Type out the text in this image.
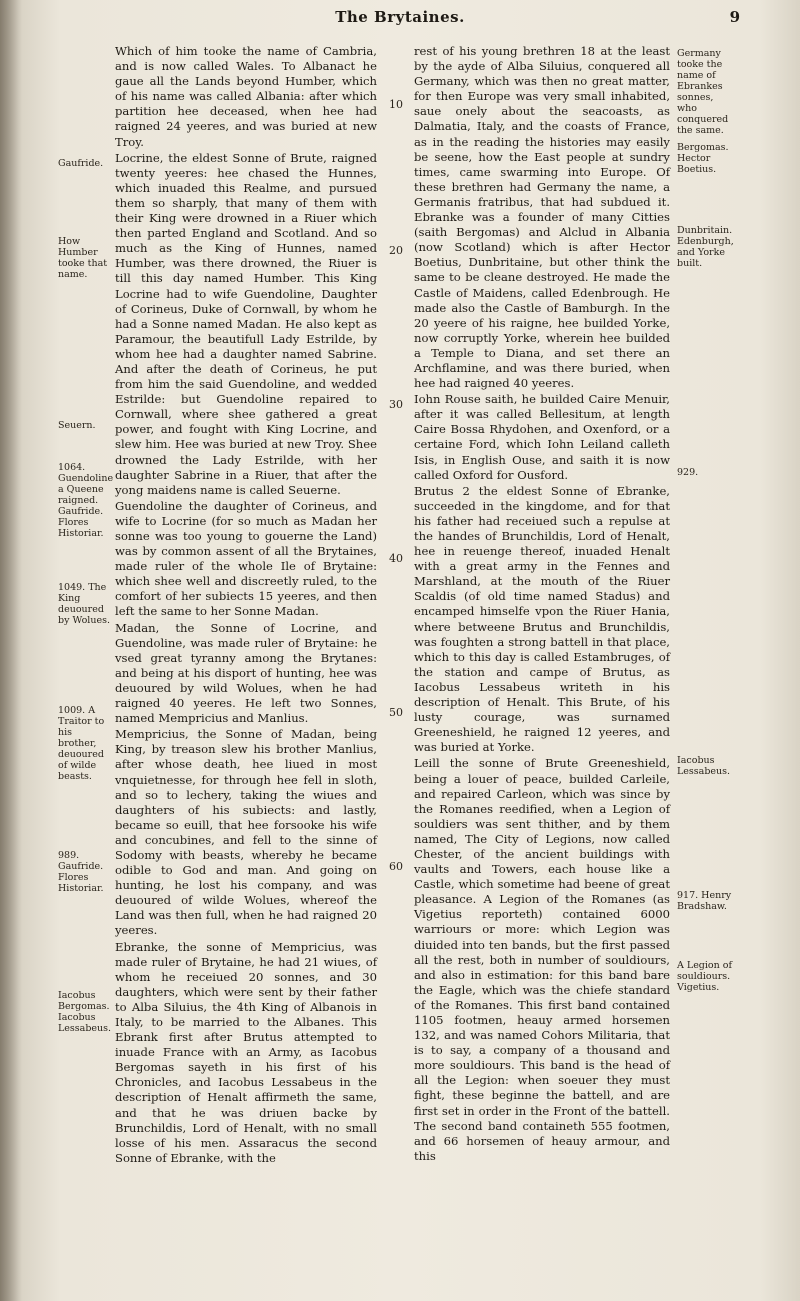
The Brytaines.	9

Which of him tooke the name of Cambria, and is now called Wales. To Albanact he gaue all the Lands beyond Humber, which of his name was called Albania: after which partition hee deceased, when hee had raigned 24 yeeres, and was buried at new Troy.

Locrine, the eldest Sonne of Brute, raigned twenty yeeres: hee chased the Hunnes, which inuaded this Realme, and pursued them so sharply, that many of them with their King were drowned in a Riuer which then parted England and Scotland. And so much as the King of Hunnes, named Humber, was there drowned, the Riuer is till this day named Humber. This King Locrine had to wife Guendoline, Daughter of Corineus, Duke of Cornwall, by whom he had a Sonne named Madan. He also kept as Paramour, the beautifull Lady Estrilde, by whom hee had a daughter named Sabrine. And after the death of Corineus, he put from him the said Guendoline, and wedded Estrilde: but Guendoline repaired to Cornwall, where shee gathered a great power, and fought with King Locrine, and slew him. Hee was buried at new Troy. Shee drowned the Lady Estrilde, with her daughter Sabrine in a Riuer, that after the yong maidens name is called Seuerne.

Guendoline the daughter of Corineus, and wife to Locrine (for so much as Madan her sonne was too young to gouerne the Land) was by common assent of all the Brytaines, made ruler of the whole Ile of Brytaine: which shee well and discreetly ruled, to the comfort of her subiects 15 yeeres, and then left the same to her Sonne Madan.

Madan, the Sonne of Locrine, and Guendoline, was made ruler of Brytaine: he vsed great tyranny among the Brytanes: and being at his disport of hunting, hee was deuoured by wild Wolues, when he had raigned 40 yeeres. He left two Sonnes, named Mempricius and Manlius.

Mempricius, the Sonne of Madan, being King, by treason slew his brother Manlius, after whose death, hee liued in most vnquietnesse, for through hee fell in sloth, and so to lechery, taking the wiues and daughters of his subiects: and lastly, became so euill, that hee forsooke his wife and concubines, and fell to the sinne of Sodomy with beasts, whereby he became odible to God and man. And going on hunting, he lost his company, and was deuoured of wilde Wolues, whereof the Land was then full, when he had raigned 20 yeeres.

Ebranke, the sonne of Mempricius, was made ruler of Brytaine, he had 21 wiues, of whom he receiued 20 sonnes, and 30 daughters, which were sent by their father to Alba Siluius, the 4th King of Albanois in Italy, to be married to the Albanes. This Ebrank first after Brutus attempted to inuade France with an Army, as Iacobus Bergomas sayeth in his first of his Chronicles, and Iacobus Lessabeus in the description of Henalt affirmeth the same, and that he was driuen backe by Brunchildis, Lord of Henalt, with no small losse of his men. Assaracus the second Sonne of Ebranke, with the

rest of his young brethren 18 at the least by the ayde of Alba Siluius, conquered all Germany, which was then no great matter, for then Europe was very small inhabited, saue onely about the seacoasts, as Dalmatia, Italy, and the coasts of France, as in the reading the histories may easily be seene, how the East people at sundry times, came swarming into Europe. Of these brethren had Germany the name, a Germanis fratribus, that had subdued it. Ebranke was a founder of many Citties (saith Bergomas) and Alclud in Albania (now Scotland) which is after Hector Boetius, Dunbritaine, but other think the same to be cleane destroyed. He made the Castle of Maidens, called Edenbrough. He made also the Castle of Bamburgh. In the 20 yeere of his raigne, hee builded Yorke, now corruptly Yorke, wherein hee builded a Temple to Diana, and set there an Archflamine, and was there buried, when hee had raigned 40 yeeres.

Iohn Rouse saith, he builded Caire Menuir, after it was called Bellesitum, at length Caire Bossa Rhydohen, and Oxenford, or a certaine Ford, which Iohn Leiland calleth Isis, in English Ouse, and saith it is now called Oxford for Ousford.

Brutus 2 the eldest Sonne of Ebranke, succeeded in the kingdome, and for that his father had receiued such a repulse at the handes of Brunchildis, Lord of Henalt, hee in reuenge thereof, inuaded Henalt with a great army in the Fennes and Marshland, at the mouth of the Riuer Scaldis (of old time named Stadus) and encamped himselfe vpon the Riuer Hania, where betweene Brutus and Brunchildis, was foughten a strong battell in that place, which to this day is called Estambruges, of the station and campe of Brutus, as Iacobus Lessabeus writeth in his description of Henalt. This Brute, of his lusty courage, was surnamed Greeneshield, he raigned 12 yeeres, and was buried at Yorke.

Leill the sonne of Brute Greeneshield, being a louer of peace, builded Carleile, and repaired Carleon, which was since by the Romanes reedified, when a Legion of souldiers was sent thither, and by them named, The City of Legions, now called Chester, of the ancient buildings with vaults and Towers, each house like a Castle, which sometime had beene of great pleasance. A Legion of the Romanes (as Vigetius reporteth) contained 6000 warriours or more: which Legion was diuided into ten bands, but the first passed all the rest, both in number of souldiours, and also in estimation: for this band bare the Eagle, which was the chiefe standard of the Romanes. This first band contained 1105 footmen, heauy armed horsemen 132, and was named Cohors Militaria, that is to say, a company of a thousand and more souldiours. This band is the head of all the Legion: when soeuer they must fight, these beginne the battell, and are first set in order in the Front of the battell. The second band containeth 555 footmen, and 66 horsemen of heauy armour, and this

Gaufride.
How Humber tooke that name.
Seuern.
1064. Guendoline a Queene raigned. Gaufride. Flores Historiar.
1049. The King deuoured by Wolues.
1009. A Traitor to his brother, deuoured of wilde beasts.
989. Gaufride. Flores Historiar.
Iacobus Bergomas. Iacobus Lessabeus.
Germany tooke the name of Ebrankes sonnes, who conquered the same.
Bergomas. Hector Boetius.
Dunbritain. Edenburgh, and Yorke built.
929.
Iacobus Lessabeus.
917. Henry Bradshaw.
A Legion of souldiours. Vigetius.
10
20
30
40
50
60
